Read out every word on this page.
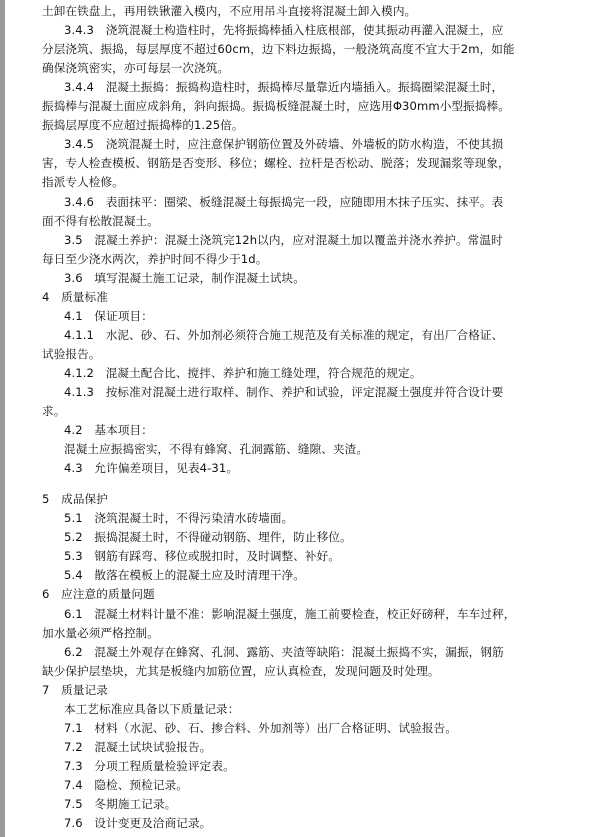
土卸在铁盘上，再用铁锹灌入模内，不应用吊斗直接将混凝土卸入模内。
3.4.3　浇筑混凝土构造柱时，先将振捣棒插入柱底根部，使其振动再灌入混凝土，应
分层浇筑、振捣，每层厚度不超过60cm，边下料边振捣，一般浇筑高度不宜大于2m，如能
确保浇筑密实，亦可每层一次浇筑。
3.4.4　混凝土振捣：振捣构造柱时，振捣棒尽量靠近内墙插入。振捣圈梁混凝土时，
振捣棒与混凝土面应成斜角，斜向振捣。振捣板缝混凝土时，应选用Φ30mm小型振捣棒。
振捣层厚度不应超过振捣棒的1.25倍。
3.4.5　浇筑混凝土时，应注意保护钢筋位置及外砖墙、外墙板的防水构造，不使其损
害，专人检查模板、钢筋是否变形、移位；螺栓、拉杆是否松动、脱落；发现漏浆等现象，
指派专人检修。
3.4.6　表面抹平：圈梁、板缝混凝土每振捣完一段，应随即用木抹子压实、抹平。表
面不得有松散混凝土。
3.5　混凝土养护：混凝土浇筑完12h以内，应对混凝土加以覆盖并浇水养护。常温时
每日至少浇水两次，养护时间不得少于1d。
3.6　填写混凝土施工记录，制作混凝土试块。
4　质量标准
4.1　保证项目：
4.1.1　水泥、砂、石、外加剂必须符合施工规范及有关标准的规定，有出厂合格证、
试验报告。
4.1.2　混凝土配合比、搅拌、养护和施工缝处理，符合规范的规定。
4.1.3　按标准对混凝土进行取样、制作、养护和试验，评定混凝土强度并符合设计要
求。
4.2　基本项目：
混凝土应振捣密实，不得有蜂窝、孔洞露筋、缝隙、夹渣。
4.3　允许偏差项目，见表4-31。
5　成品保护
5.1　浇筑混凝土时，不得污染清水砖墙面。
5.2　振捣混凝土时，不得碰动钢筋、埋件，防止移位。
5.3　钢筋有踩弯、移位或脱扣时，及时调整、补好。
5.4　散落在模板上的混凝土应及时清理干净。
6　应注意的质量问题
6.1　混凝土材料计量不准：影响混凝土强度，施工前要检查，校正好磅秤，车车过秤，
加水量必须严格控制。
6.2　混凝土外观存在蜂窝、孔洞、露筋、夹渣等缺陷：混凝土振捣不实，漏振，钢筋
缺少保护层垫块，尤其是板缝内加筋位置，应认真检查，发现问题及时处理。
7　质量记录
本工艺标准应具备以下质量记录：
7.1　材料（水泥、砂、石、掺合料、外加剂等）出厂合格证明、试验报告。
7.2　混凝土试块试验报告。
7.3　分项工程质量检验评定表。
7.4　隐检、预检记录。
7.5　冬期施工记录。
7.6　设计变更及洽商记录。
